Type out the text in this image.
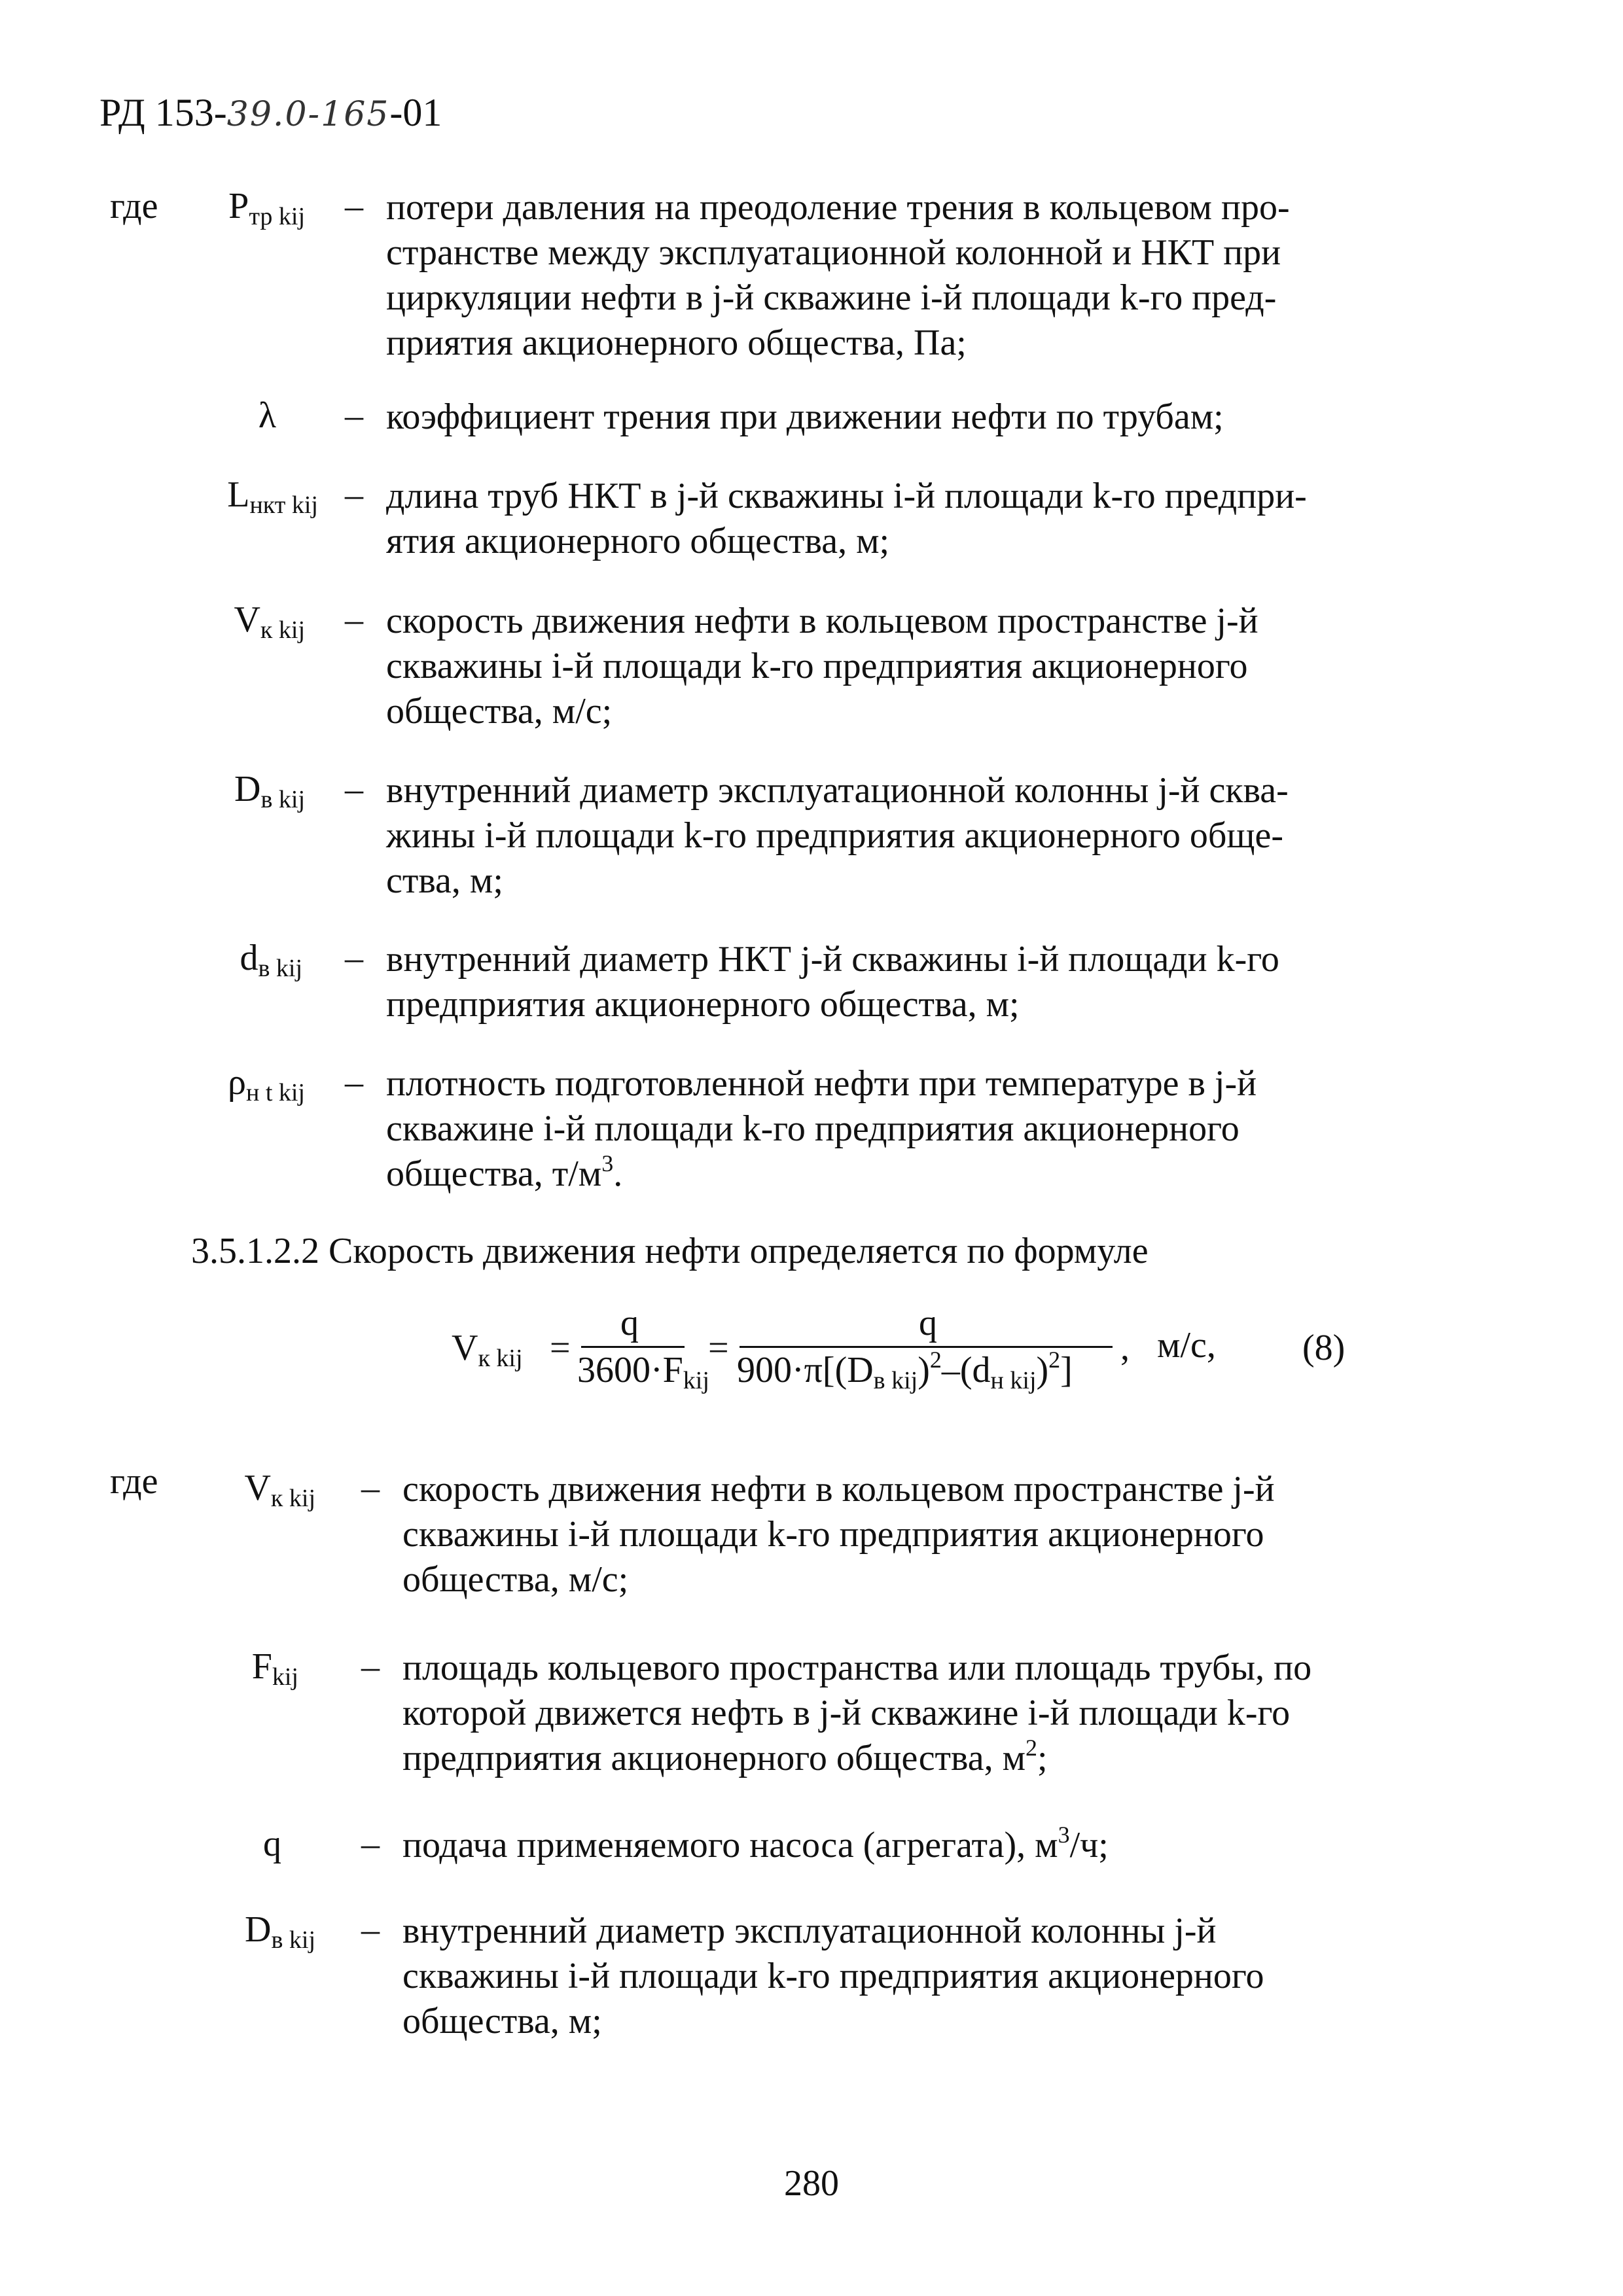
РД 153-39.0-165-01
где	$P_{тр kij}$ – потери давления на преодоление трения в кольцевом про-
странстве между эксплуатационной колонной и НКТ при
циркуляции нефти в j-й скважине i-й площади k-го пред-
приятия акционерного общества, Па;
λ – коэффициент трения при движении нефти по трубам;
$L_{нкт kij}$ – длина труб НКТ в j-й скважины i-й площади k-го предпри-
ятия акционерного общества, м;
$V_{к kij}$ – скорость движения нефти в кольцевом пространстве j-й
скважины i-й площади k-го предприятия акционерного
общества, м/с;
$D_{в kij}$ – внутренний диаметр эксплуатационной колонны j-й сква-
жины i-й площади k-го предприятия акционерного обще-
ства, м;
$d_{в kij}$ – внутренний диаметр НКТ j-й скважины i-й площади k-го
предприятия акционерного общества, м;
$\rho_{н t kij}$ – плотность подготовленной нефти при температуре в j-й
скважине i-й площади k-го предприятия акционерного
общества, $т/м^3$.
3.5.1.2.2 Скорость движения нефти определяется по формуле
$V_{к kij}$ =
q
$3600\cdot F_{kij}$
=
q
$900\cdot\pi[(D_{в kij})^2-(d_{н kij})^2]$
, м/с, (8)
где	$V_{к kij}$ – скорость движения нефти в кольцевом пространстве j-й
скважины i-й площади k-го предприятия акционерного
общества, м/с;
$F_{kij}$ – площадь кольцевого пространства или площадь трубы, по
которой движется нефть в j-й скважине i-й площади k-го
предприятия акционерного общества, $м^2$;
q – подача применяемого насоса (агрегата), $м^3/ч$;
$D_{в kij}$ – внутренний диаметр эксплуатационной колонны j-й
скважины i-й площади k-го предприятия акционерного
общества, м;
280
